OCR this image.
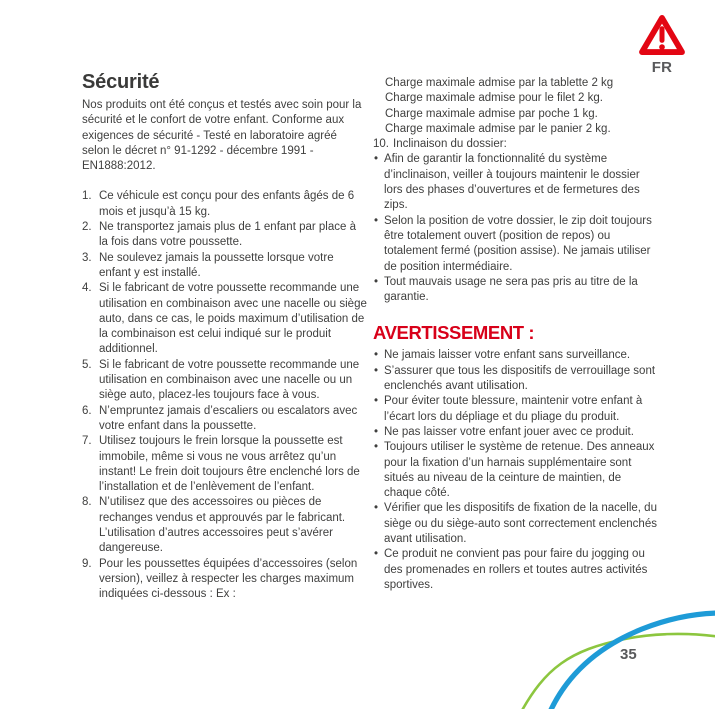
FR
Sécurité

Nos produits ont été conçus et testés avec soin pour la sécurité et le confort de votre enfant. Conforme aux exigences de sécurité - Testé en laboratoire agréé selon le décret n° 91-1292 - décembre 1991 - EN1888:2012.

1. Ce véhicule est conçu pour des enfants âgés de 6 mois et jusqu’à 15 kg.
2. Ne transportez jamais plus de 1 enfant par place à la fois dans votre poussette.
3. Ne soulevez jamais la poussette lorsque votre enfant y est installé.
4. Si le fabricant de votre poussette recommande une utilisation en combinaison avec une nacelle ou siège auto, dans ce cas, le poids maximum d’utilisation de la combinaison est celui indiqué sur le produit additionnel.
5. Si le fabricant de votre poussette recommande une utilisation en combinaison avec une nacelle ou un siège auto, placez-les toujours face à vous.
6. N’empruntez jamais d’escaliers ou escalators avec votre enfant dans la poussette.
7. Utilisez toujours le frein lorsque la poussette est immobile, même si vous ne vous arrêtez qu’un instant! Le frein doit toujours être enclenché lors de l’installation et de l’enlèvement de l’enfant.
8. N’utilisez que des accessoires ou pièces de rechanges vendus et approuvés par le fabricant. L’utilisation d’autres accessoires peut s’avérer dangereuse.
9. Pour les poussettes équipées d’accessoires (selon version), veillez à respecter les charges maximum indiquées ci-dessous : Ex :
Charge maximale admise par la tablette 2 kg
Charge maximale admise pour le filet 2 kg.
Charge maximale admise par poche 1 kg.
Charge maximale admise par le panier 2 kg.
10. Inclinaison du dossier:
• Afin de garantir la fonctionnalité du système d’inclinaison, veiller à toujours maintenir le dossier lors des phases d’ouvertures et de fermetures des zips.
• Selon la position de votre dossier, le zip doit toujours être totalement ouvert (position de repos) ou totalement fermé (position assise). Ne jamais utiliser de position intermédiaire.
• Tout mauvais usage ne sera pas pris au titre de la garantie.
AVERTISSEMENT :
• Ne jamais laisser votre enfant sans surveillance.
• S’assurer que tous les dispositifs de verrouillage sont enclenchés avant utilisation.
• Pour éviter toute blessure, maintenir votre enfant à l’écart lors du dépliage et du pliage du produit.
• Ne pas laisser votre enfant jouer avec ce produit.
• Toujours utiliser le système de retenue. Des anneaux pour la fixation d’un harnais supplémentaire sont situés au niveau de la ceinture de maintien, de chaque côté.
• Vérifier que les dispositifs de fixation de la nacelle, du siège ou du siège-auto sont correctement enclenchés avant utilisation.
• Ce produit ne convient pas pour faire du jogging ou des promenades en rollers et toutes autres activités sportives.
35
